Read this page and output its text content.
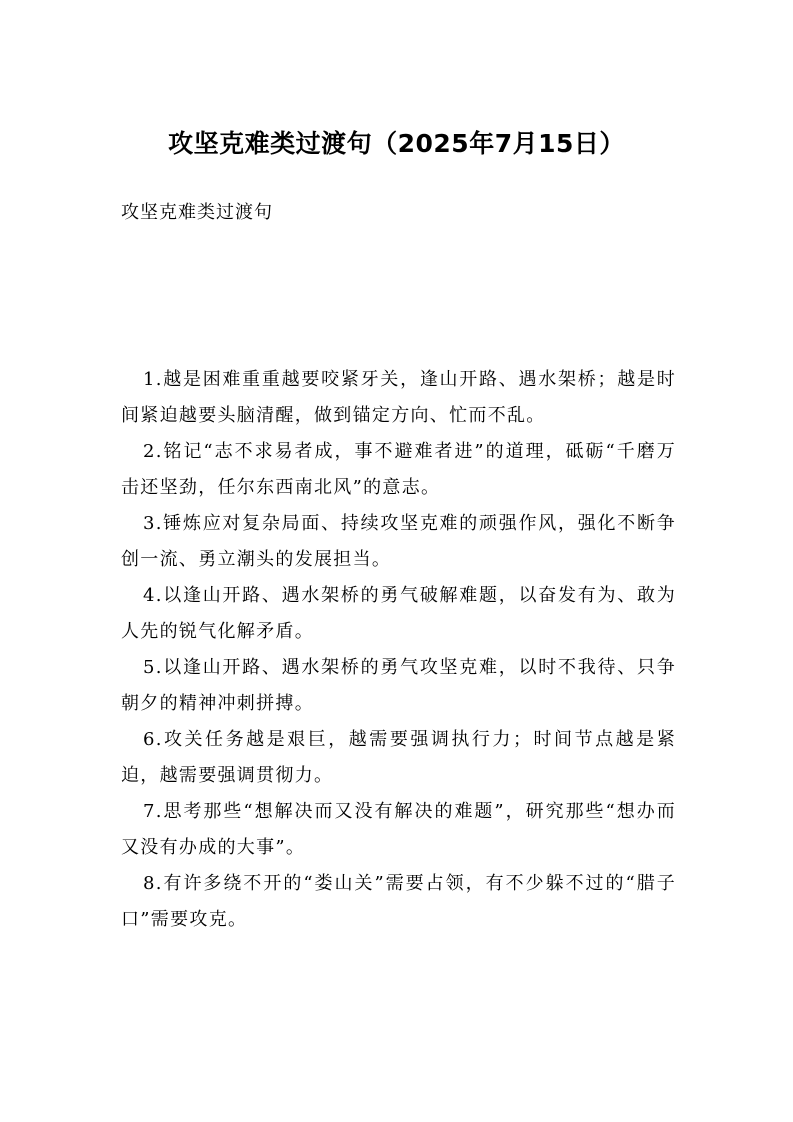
攻坚克难类过渡句（2025年7月15日）

攻坚克难类过渡句

1.越是困难重重越要咬紧牙关，逢山开路、遇水架桥；越是时间紧迫越要头脑清醒，做到锚定方向、忙而不乱。
2.铭记“志不求易者成，事不避难者进”的道理，砥砺“千磨万击还坚劲，任尔东西南北风”的意志。
3.锤炼应对复杂局面、持续攻坚克难的顽强作风，强化不断争创一流、勇立潮头的发展担当。
4.以逢山开路、遇水架桥的勇气破解难题，以奋发有为、敢为人先的锐气化解矛盾。
5.以逢山开路、遇水架桥的勇气攻坚克难，以时不我待、只争朝夕的精神冲刺拼搏。
6.攻关任务越是艰巨，越需要强调执行力；时间节点越是紧迫，越需要强调贯彻力。
7.思考那些“想解决而又没有解决的难题”，研究那些“想办而又没有办成的大事”。
8.有许多绕不开的“娄山关”需要占领，有不少躲不过的“腊子口”需要攻克。
